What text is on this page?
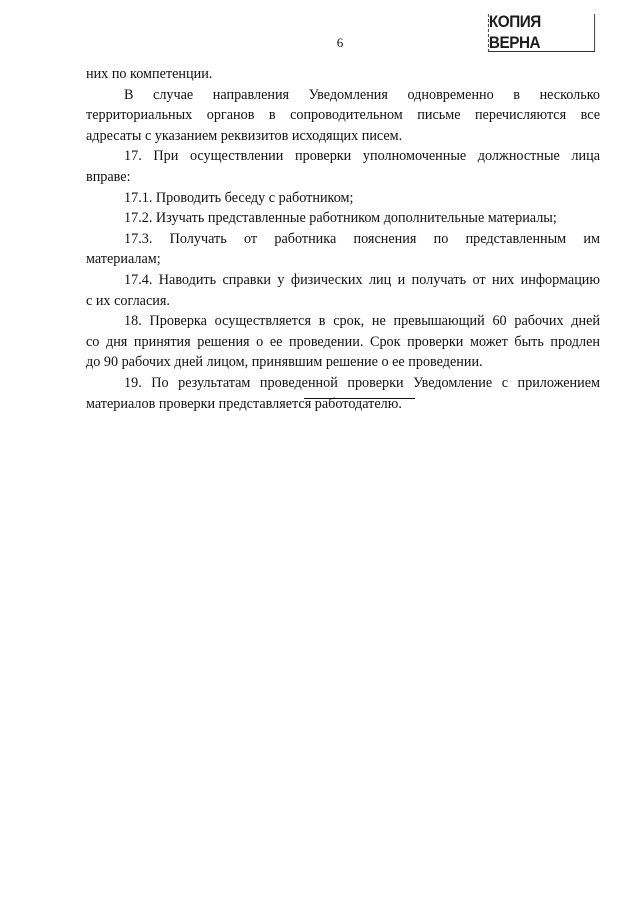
6
КОПИЯ ВЕРНА
них по компетенции.
В случае направления Уведомления одновременно в несколько
территориальных органов в сопроводительном письме перечисляются все
адресаты с указанием реквизитов исходящих писем.
17. При осуществлении проверки уполномоченные должностные лица
вправе:
17.1. Проводить беседу с работником;
17.2. Изучать представленные работником дополнительные материалы;
17.3. Получать от работника пояснения по представленным им
материалам;
17.4. Наводить справки у физических лиц и получать от них информацию
с их согласия.
18. Проверка осуществляется в срок, не превышающий 60 рабочих дней
со дня принятия решения о ее проведении. Срок проверки может быть продлен
до 90 рабочих дней лицом, принявшим решение о ее проведении.
19. По результатам проведенной проверки Уведомление с приложением
материалов проверки представляется работодателю.
